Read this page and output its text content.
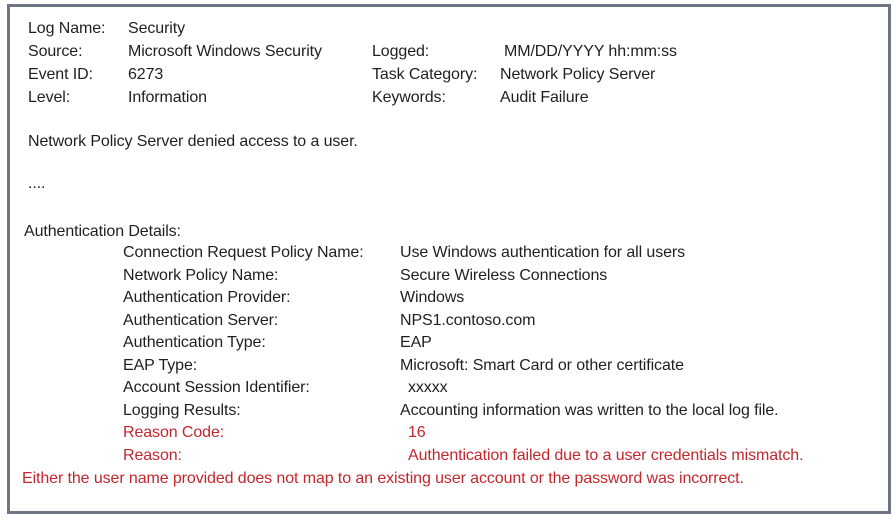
Log Name: Security
Source:	Microsoft Windows Security	Logged:	MM/DD/YYYY hh:mm:ss
Event ID: 6273	Task Category: Network Policy Server
Level:	Information	Keywords:	Audit Failure
Network Policy Server denied access to a user.
....
Authentication Details:
Connection Request Policy Name: Use Windows authentication for all users
Network Policy Name:	Secure Wireless Connections
Authentication Provider:	Windows
Authentication Server:	NPS1.contoso.com
Authentication Type:	EAP
EAP Type:	Microsoft: Smart Card or other certificate
Account Session Identifier:	xxxxx
Logging Results:	Accounting information was written to the local log file.
Reason Code:	16
Reason:	Authentication failed due to a user credentials mismatch.
Either the user name provided does not map to an existing user account or the password was incorrect.
